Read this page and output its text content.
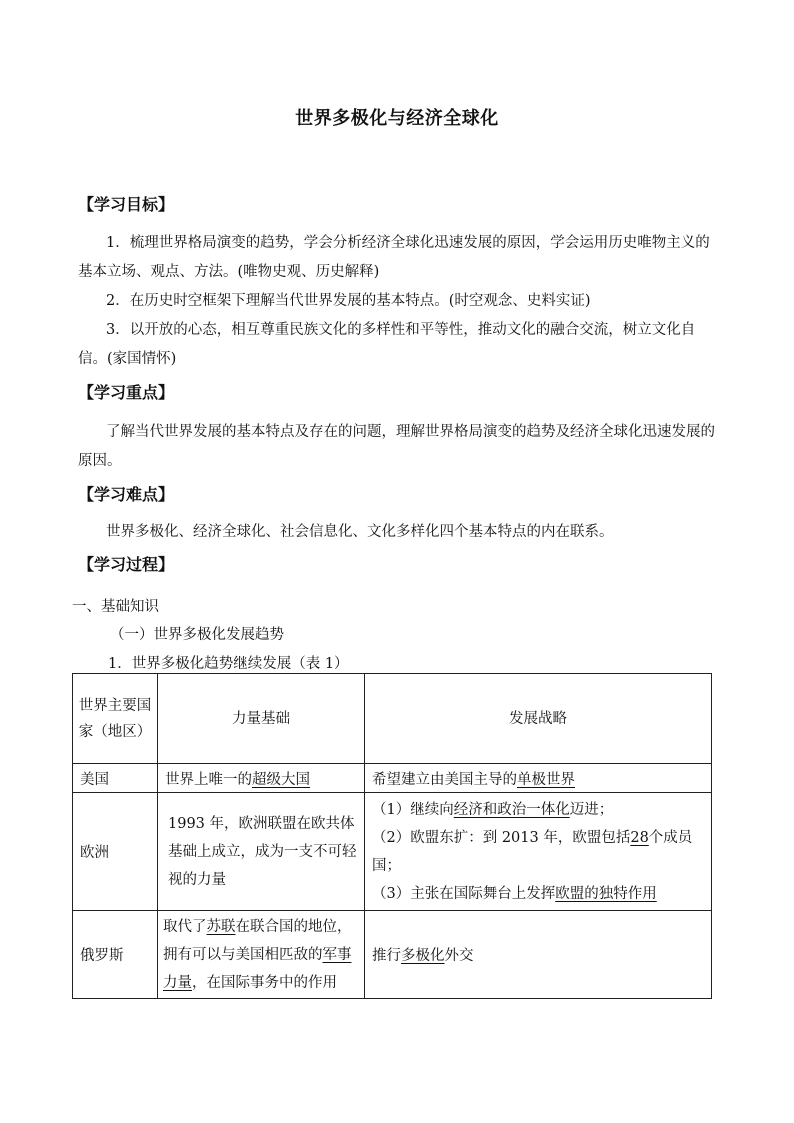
世界多极化与经济全球化
【学习目标】
1．梳理世界格局演变的趋势，学会分析经济全球化迅速发展的原因，学会运用历史唯物主义的基本立场、观点、方法。(唯物史观、历史解释)
2．在历史时空框架下理解当代世界发展的基本特点。(时空观念、史料实证)
3．以开放的心态，相互尊重民族文化的多样性和平等性，推动文化的融合交流，树立文化自信。(家国情怀)
【学习重点】
了解当代世界发展的基本特点及存在的问题，理解世界格局演变的趋势及经济全球化迅速发展的原因。
【学习难点】
世界多极化、经济全球化、社会信息化、文化多样化四个基本特点的内在联系。
【学习过程】
一、基础知识
（一）世界多极化发展趋势
1．世界多极化趋势继续发展（表 1）
世界主要国家（地区）	力量基础	发展战略
美国	世界上唯一的超级大国	希望建立由美国主导的单极世界
欧洲	1993 年，欧洲联盟在欧共体基础上成立，成为一支不可轻视的力量	（1）继续向经济和政治一体化迈进；
（2）欧盟东扩：到 2013 年，欧盟包括28个成员国；
（3）主张在国际舞台上发挥欧盟的独特作用

俄罗斯	取代了苏联在联合国的地位，拥有可以与美国相匹敌的军事力量，在国际事务中的作用	推行多极化外交
